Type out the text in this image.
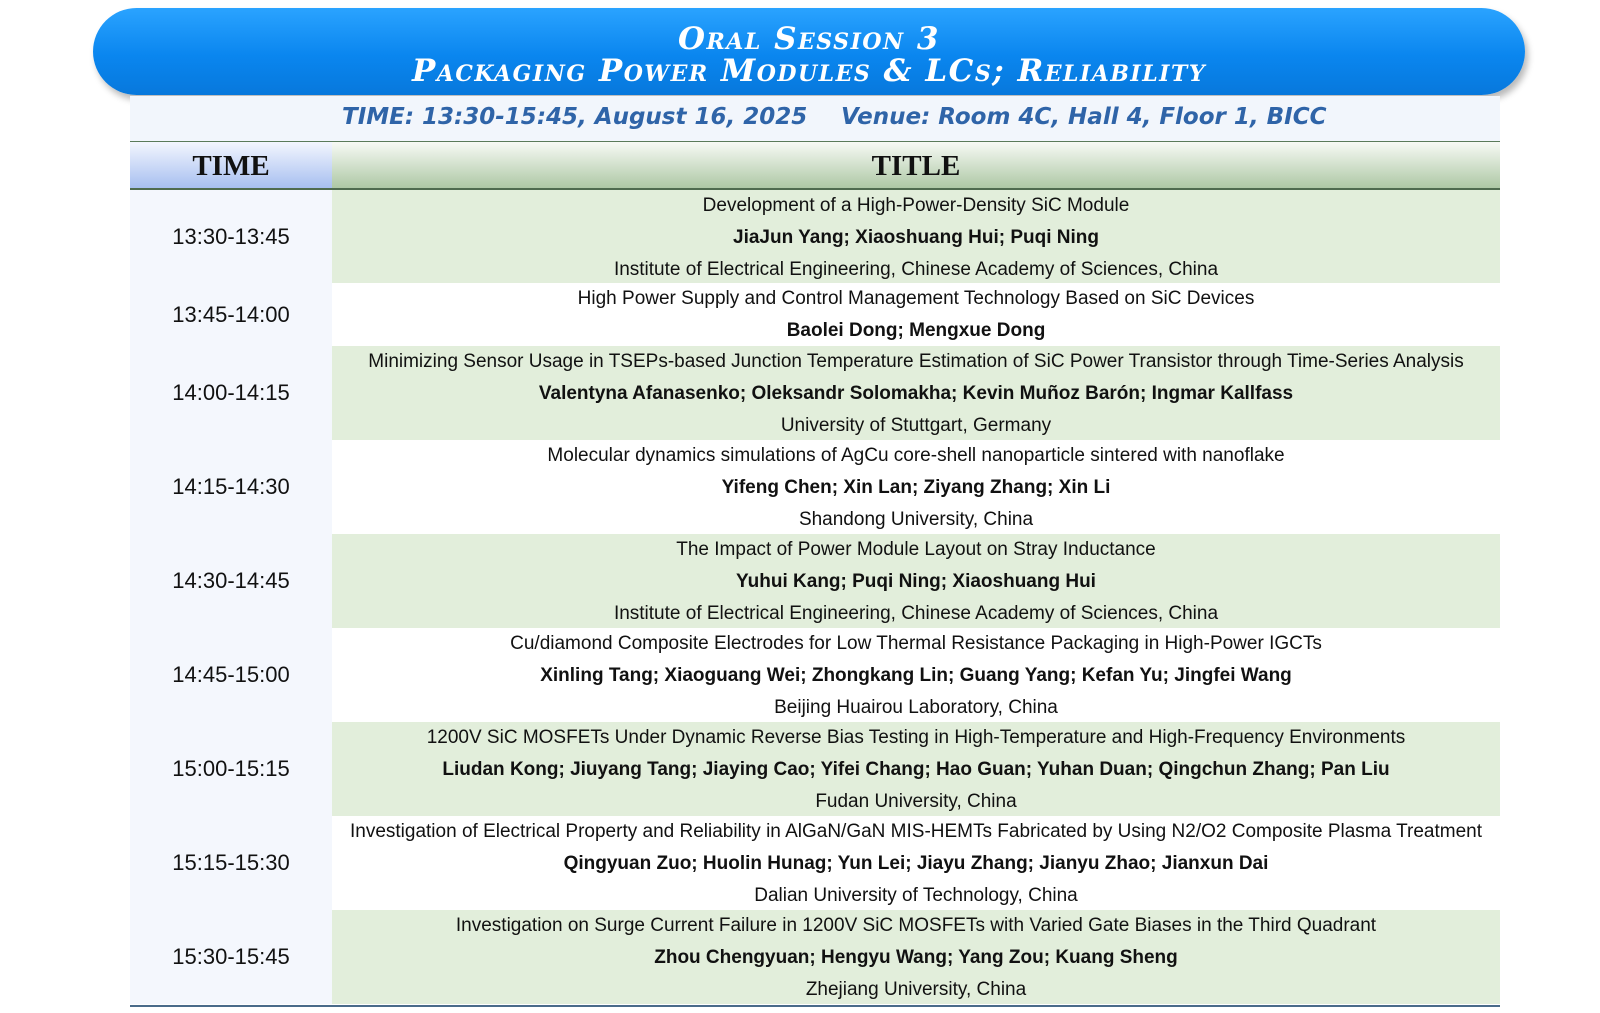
Oral Session 3
Packaging Power Modules & LCs; Reliability
TIME: 13:30-15:45, August 16, 2025 Venue: Room 4C, Hall 4, Floor 1, BICC
TIME	TITLE
13:30-13:45
Development of a High-Power-Density SiC Module
JiaJun Yang; Xiaoshuang Hui; Puqi Ning
Institute of Electrical Engineering, Chinese Academy of Sciences, China
13:45-14:00
High Power Supply and Control Management Technology Based on SiC Devices
Baolei Dong; Mengxue Dong
14:00-14:15
Minimizing Sensor Usage in TSEPs-based Junction Temperature Estimation of SiC Power Transistor through Time-Series Analysis
Valentyna Afanasenko; Oleksandr Solomakha; Kevin Muñoz Barón; Ingmar Kallfass
University of Stuttgart, Germany
14:15-14:30
Molecular dynamics simulations of AgCu core-shell nanoparticle sintered with nanoflake
Yifeng Chen; Xin Lan; Ziyang Zhang; Xin Li
Shandong University, China
14:30-14:45
The Impact of Power Module Layout on Stray Inductance
Yuhui Kang; Puqi Ning; Xiaoshuang Hui
Institute of Electrical Engineering, Chinese Academy of Sciences, China
14:45-15:00
Cu/diamond Composite Electrodes for Low Thermal Resistance Packaging in High-Power IGCTs
Xinling Tang; Xiaoguang Wei; Zhongkang Lin; Guang Yang; Kefan Yu; Jingfei Wang
Beijing Huairou Laboratory, China
15:00-15:15
1200V SiC MOSFETs Under Dynamic Reverse Bias Testing in High-Temperature and High-Frequency Environments
Liudan Kong; Jiuyang Tang; Jiaying Cao; Yifei Chang; Hao Guan; Yuhan Duan; Qingchun Zhang; Pan Liu
Fudan University, China
15:15-15:30
Investigation of Electrical Property and Reliability in AlGaN/GaN MIS-HEMTs Fabricated by Using N2/O2 Composite Plasma Treatment
Qingyuan Zuo; Huolin Hunag; Yun Lei; Jiayu Zhang; Jianyu Zhao; Jianxun Dai
Dalian University of Technology, China
15:30-15:45
Investigation on Surge Current Failure in 1200V SiC MOSFETs with Varied Gate Biases in the Third Quadrant
Zhou Chengyuan; Hengyu Wang; Yang Zou; Kuang Sheng
Zhejiang University, China
